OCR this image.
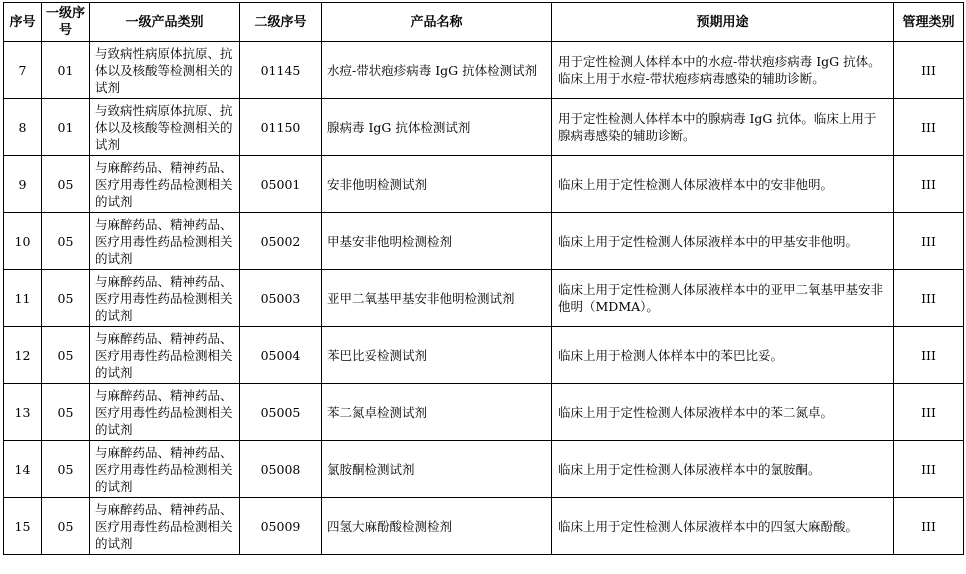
序号	一级序号	一级产品类别	二级序号	产品名称	预期用途	管理类别
7	01	与致病性病原体抗原、抗体以及核酸等检测相关的试剂	01145	水痘-带状疱疹病毒 IgG 抗体检测试剂	用于定性检测人体样本中的水痘-带状疱疹病毒 IgG 抗体。临床上用于水痘-带状疱疹病毒感染的辅助诊断。	III
8	01	与致病性病原体抗原、抗体以及核酸等检测相关的试剂	01150	腺病毒 IgG 抗体检测试剂	用于定性检测人体样本中的腺病毒 IgG 抗体。临床上用于腺病毒感染的辅助诊断。	III
9	05	与麻醉药品、精神药品、医疗用毒性药品检测相关的试剂	05001	安非他明检测试剂	临床上用于定性检测人体尿液样本中的安非他明。	III
10	05	与麻醉药品、精神药品、医疗用毒性药品检测相关的试剂	05002	甲基安非他明检测检剂	临床上用于定性检测人体尿液样本中的甲基安非他明。	III
11	05	与麻醉药品、精神药品、医疗用毒性药品检测相关的试剂	05003	亚甲二氧基甲基安非他明检测试剂	临床上用于定性检测人体尿液样本中的亚甲二氧基甲基安非他明（MDMA）。	III
12	05	与麻醉药品、精神药品、医疗用毒性药品检测相关的试剂	05004	苯巴比妥检测试剂	临床上用于检测人体样本中的苯巴比妥。	III
13	05	与麻醉药品、精神药品、医疗用毒性药品检测相关的试剂	05005	苯二氮卓检测试剂	临床上用于定性检测人体尿液样本中的苯二氮卓。	III
14	05	与麻醉药品、精神药品、医疗用毒性药品检测相关的试剂	05008	氯胺酮检测试剂	临床上用于定性检测人体尿液样本中的氯胺酮。	III
15	05	与麻醉药品、精神药品、医疗用毒性药品检测相关的试剂	05009	四氢大麻酚酸检测检剂	临床上用于定性检测人体尿液样本中的四氢大麻酚酸。	III
